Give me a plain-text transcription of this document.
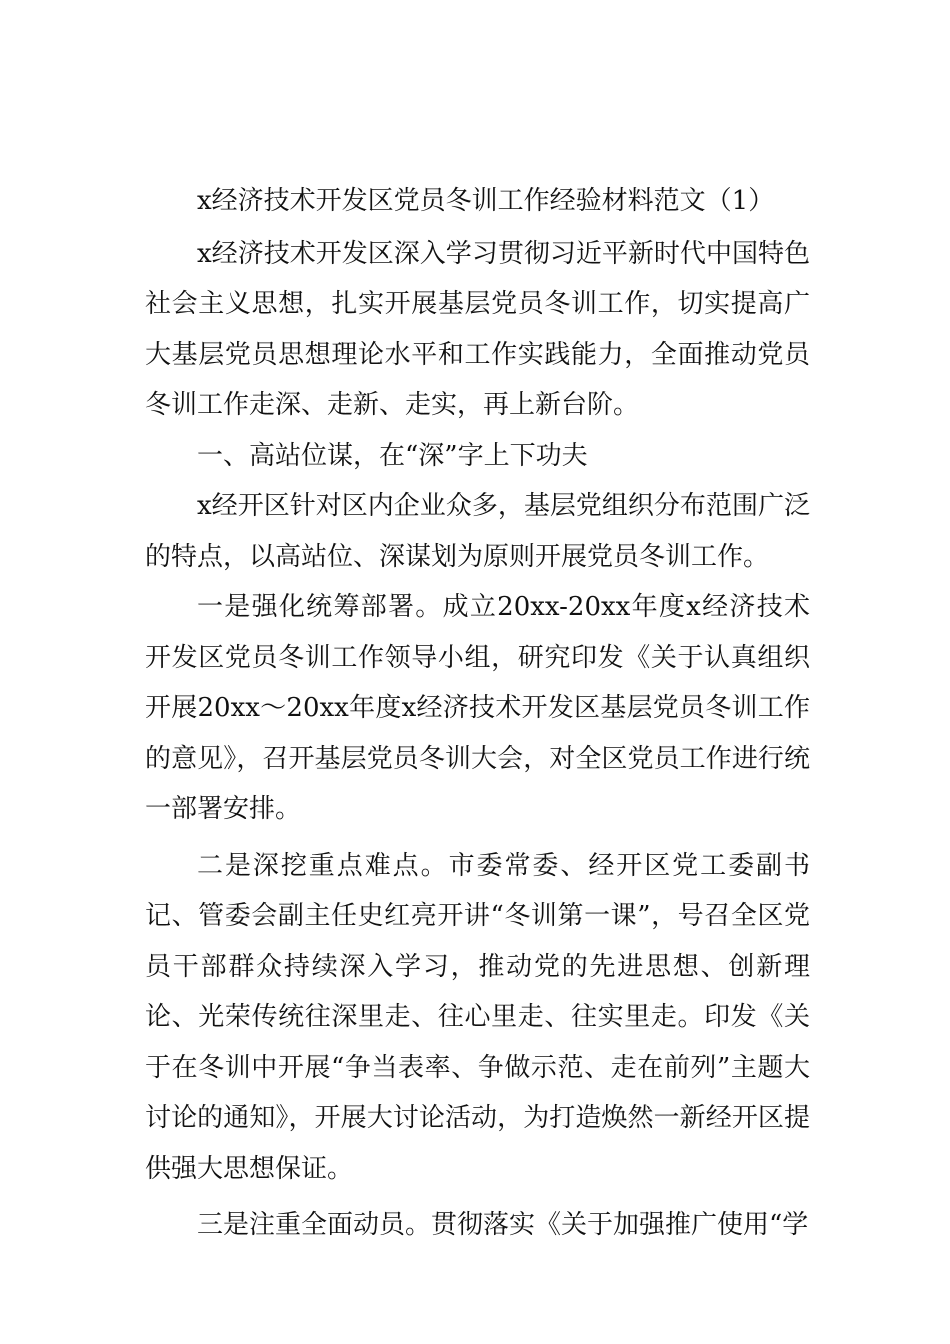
x经济技术开发区党员冬训工作经验材料范文（1）

x经济技术开发区深入学习贯彻习近平新时代中国特色社会主义思想，扎实开展基层党员冬训工作，切实提高广大基层党员思想理论水平和工作实践能力，全面推动党员冬训工作走深、走新、走实，再上新台阶。

一、高站位谋，在“深”字上下功夫

x经开区针对区内企业众多，基层党组织分布范围广泛的特点，以高站位、深谋划为原则开展党员冬训工作。

一是强化统筹部署。成立20xx-20xx年度x经济技术开发区党员冬训工作领导小组，研究印发《关于认真组织开展20xx～20xx年度x经济技术开发区基层党员冬训工作的意见》，召开基层党员冬训大会，对全区党员工作进行统一部署安排。

二是深挖重点难点。市委常委、经开区党工委副书记、管委会副主任史红亮开讲“冬训第一课”，号召全区党员干部群众持续深入学习，推动党的先进思想、创新理论、光荣传统往深里走、往心里走、往实里走。印发《关于在冬训中开展“争当表率、争做示范、走在前列”主题大讨论的通知》，开展大讨论活动，为打造焕然一新经开区提供强大思想保证。

三是注重全面动员。贯彻落实《关于加强推广使用“学
